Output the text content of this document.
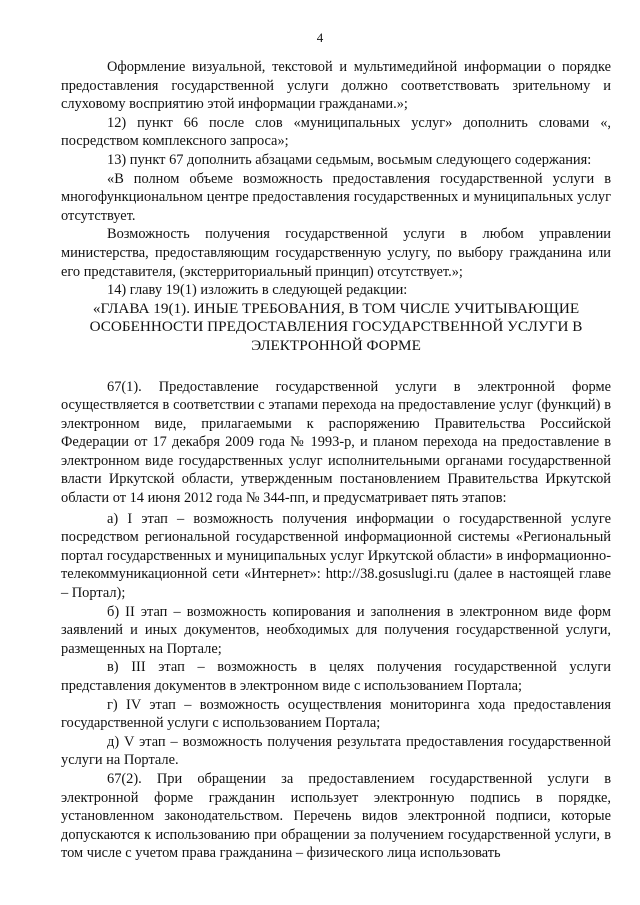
4

Оформление визуальной, текстовой и мультимедийной информации о порядке предоставления государственной услуги должно соответствовать зрительному и слуховому восприятию этой информации гражданами.»;

12) пункт 66 после слов «муниципальных услуг» дополнить словами «, посредством комплексного запроса»;

13) пункт 67 дополнить абзацами седьмым, восьмым следующего содержания:

«В полном объеме возможность предоставления государственной услуги в многофункциональном центре предоставления государственных и муниципальных услуг отсутствует.

Возможность получения государственной услуги в любом управлении министерства, предоставляющим государственную услугу, по выбору гражданина или его представителя, (экстерриториальный принцип) отсутствует.»;

14) главу 19(1) изложить в следующей редакции:

«ГЛАВА 19(1). ИНЫЕ ТРЕБОВАНИЯ, В ТОМ ЧИСЛЕ УЧИТЫВАЮЩИЕ ОСОБЕННОСТИ ПРЕДОСТАВЛЕНИЯ ГОСУДАРСТВЕННОЙ УСЛУГИ В ЭЛЕКТРОННОЙ ФОРМЕ

67(1). Предоставление государственной услуги в электронной форме осуществляется в соответствии с этапами перехода на предоставление услуг (функций) в электронном виде, прилагаемыми к распоряжению Правительства Российской Федерации от 17 декабря 2009 года № 1993-р, и планом перехода на предоставление в электронном виде государственных услуг исполнительными органами государственной власти Иркутской области, утвержденным постановлением Правительства Иркутской области от 14 июня 2012 года № 344-пп, и предусматривает пять этапов:

а) I этап – возможность получения информации о государственной услуге посредством региональной государственной информационной системы «Региональный портал государственных и муниципальных услуг Иркутской области» в информационно-телекоммуникационной сети «Интернет»: http://38.gosuslugi.ru (далее в настоящей главе – Портал);

б) II этап – возможность копирования и заполнения в электронном виде форм заявлений и иных документов, необходимых для получения государственной услуги, размещенных на Портале;

в) III этап – возможность в целях получения государственной услуги представления документов в электронном виде с использованием Портала;

г) IV этап – возможность осуществления мониторинга хода предоставления государственной услуги с использованием Портала;

д) V этап – возможность получения результата предоставления государственной услуги на Портале.

67(2). При обращении за предоставлением государственной услуги в электронной форме гражданин использует электронную подпись в порядке, установленном законодательством. Перечень видов электронной подписи, которые допускаются к использованию при обращении за получением государственной услуги, в том числе с учетом права гражданина – физического лица использовать
